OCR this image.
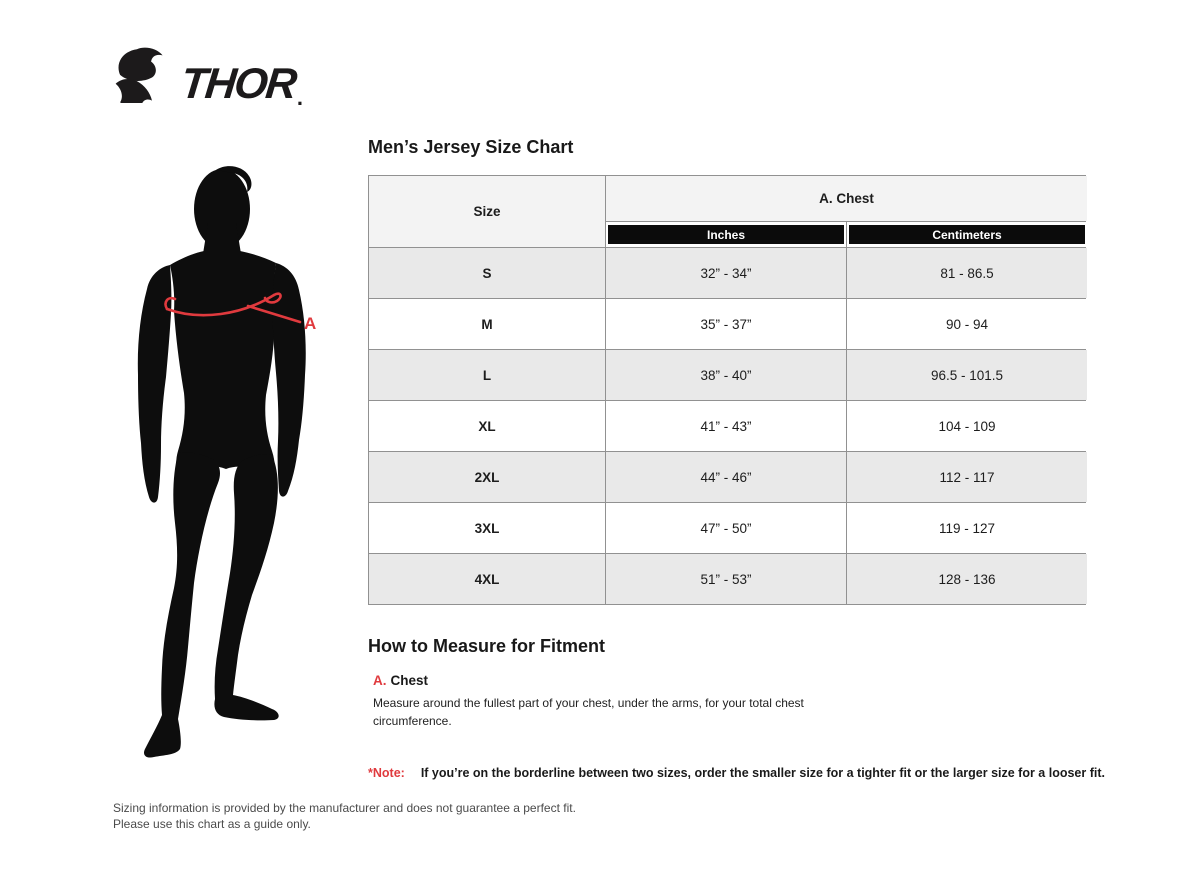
THOR .
A
Men’s Jersey Size Chart
Size
A. Chest
Inches	Centimeters
S	32” - 34”	81 - 86.5
M	35” - 37”	90 - 94
L	38” - 40”	96.5 - 101.5
XL	41” - 43”	104 - 109
2XL	44” - 46”	112 - 117
3XL	47” - 50”	119 - 127
4XL	51” - 53”	128 - 136
How to Measure for Fitment
A. Chest

Measure around the fullest part of your chest, under the arms, for your total chest circumference.

*Note: If you’re on the borderline between two sizes, order the smaller size for a tighter fit or the larger size for a looser fit.
Sizing information is provided by the manufacturer and does not guarantee a perfect fit.
Please use this chart as a guide only.
